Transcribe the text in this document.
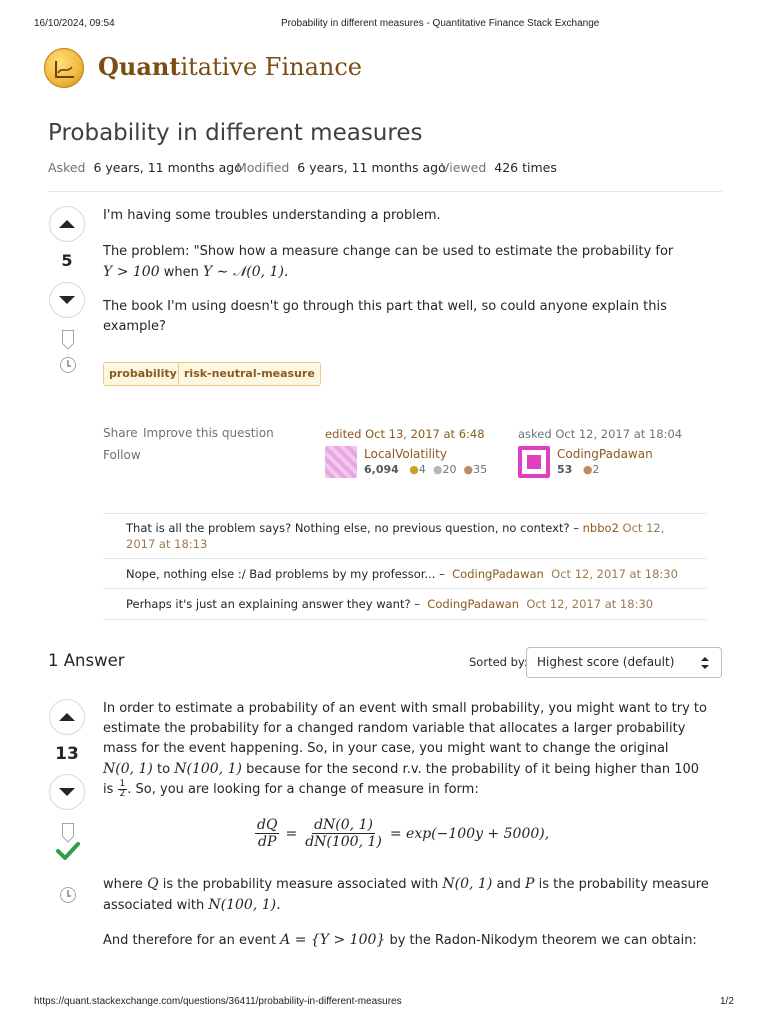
16/10/2024, 09:54	Probability in different measures - Quantitative Finance Stack Exchange
Quantitative Finance
Probability in different measures
Asked 6 years, 11 months ago
Modified 6 years, 11 months ago
Viewed 426 times
5

I'm having some troubles understanding a problem.

The problem: "Show how a measure change can be used to estimate the probability for
Y > 100 when Y ∼ 𝒩(0, 1).

The book I'm using doesn't go through this part that well, so could anyone explain this example?

probability risk-neutral-measure
Share Improve this question
Follow
edited Oct 13, 2017 at 6:48
LocalVolatility
6,094 ●4 ●20 ●35
asked Oct 12, 2017 at 18:04
CodingPadawan
53 ●2
That is all the problem says? Nothing else, no previous question, no context? – nbbo2 Oct 12, 2017 at 18:13
Nope, nothing else :/ Bad problems by my professor... – CodingPadawan Oct 12, 2017 at 18:30
Perhaps it's just an explaining answer they want? – CodingPadawan Oct 12, 2017 at 18:30
1 Answer	Sorted by: Highest score (default)
13
In order to estimate a probability of an event with small probability, you might want to try to
estimate the probability for a changed random variable that allocates a larger probability
mass for the event happening. So, in your case, you might want to change the original
N(0, 1) to N(100, 1) because for the second r.v. the probability of it being higher than 100
is $\frac{1}{2}$ . So, you are looking for a change of measure in form:
$\frac{dQ}{dP} = \frac{dN(0, 1)}{dN(100, 1)} = \exp(-100y + 5000)$,
where Q is the probability measure associated with N(0, 1) and P is the probability measure
associated with N(100, 1).
And therefore for an event A = {Y > 100} by the Radon-Nikodym theorem we can obtain:
https://quant.stackexchange.com/questions/36411/probability-in-different-measures	1/2
